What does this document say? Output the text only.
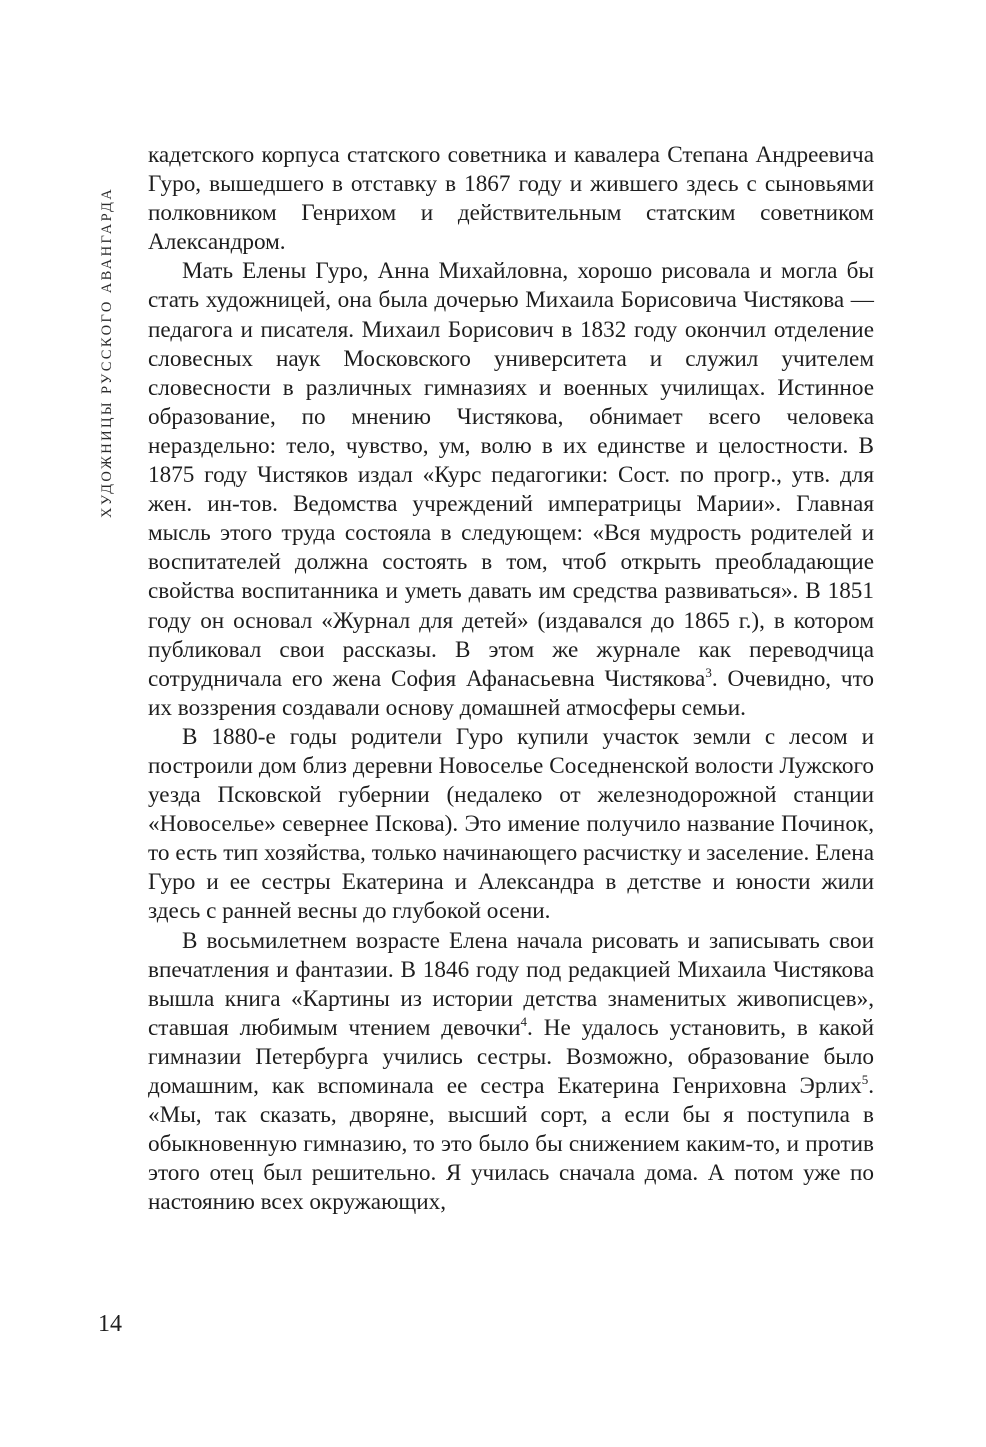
ХУДОЖНИЦЫ РУССКОГО АВАНГАРДА

кадетского корпуса статского советника и кавалера Степана Андреевича Гуро, вышедшего в отставку в 1867 году и жившего здесь с сыновьями полковником Генрихом и действительным статским советником Александром.

Мать Елены Гуро, Анна Михайловна, хорошо рисовала и могла бы стать художницей, она была дочерью Михаила Борисовича Чистякова — педагога и писателя. Михаил Борисович в 1832 году окончил отделение словесных наук Московского университета и служил учителем словесности в различных гимназиях и военных училищах. Истинное образование, по мнению Чистякова, обнимает всего человека нераздельно: тело, чувство, ум, волю в их единстве и целостности. В 1875 году Чистяков издал «Курс педагогики: Сост. по прогр., утв. для жен. ин-тов. Ведомства учреждений императрицы Марии». Главная мысль этого труда состояла в следующем: «Вся мудрость родителей и воспитателей должна состоять в том, чтоб открыть преобладающие свойства воспитанника и уметь давать им средства развиваться». В 1851 году он основал «Журнал для детей» (издавался до 1865 г.), в котором публиковал свои рассказы. В этом же журнале как переводчица сотрудничала его жена София Афанасьевна Чистякова$^3$. Очевидно, что их воззрения создавали основу домашней атмосферы семьи.

В 1880-е годы родители Гуро купили участок земли с лесом и построили дом близ деревни Новоселье Соседненской волости Лужского уезда Псковской губернии (недалеко от железнодорожной станции «Новоселье» севернее Пскова). Это имение получило название Починок, то есть тип хозяйства, только начинающего расчистку и заселение. Елена Гуро и ее сестры Екатерина и Александра в детстве и юности жили здесь с ранней весны до глубокой осени.

В восьмилетнем возрасте Елена начала рисовать и записывать свои впечатления и фантазии. В 1846 году под редакцией Михаила Чистякова вышла книга «Картины из истории детства знаменитых живописцев», ставшая любимым чтением девочки$^4$. Не удалось установить, в какой гимназии Петербурга учились сестры. Возможно, образование было домашним, как вспоминала ее сестра Екатерина Генриховна Эрлих$^5$. «Мы, так сказать, дворяне, высший сорт, а если бы я поступила в обыкновенную гимназию, то это было бы снижением каким-то, и против этого отец был решительно. Я училась сначала дома. А потом уже по настоянию всех окружающих,

14
